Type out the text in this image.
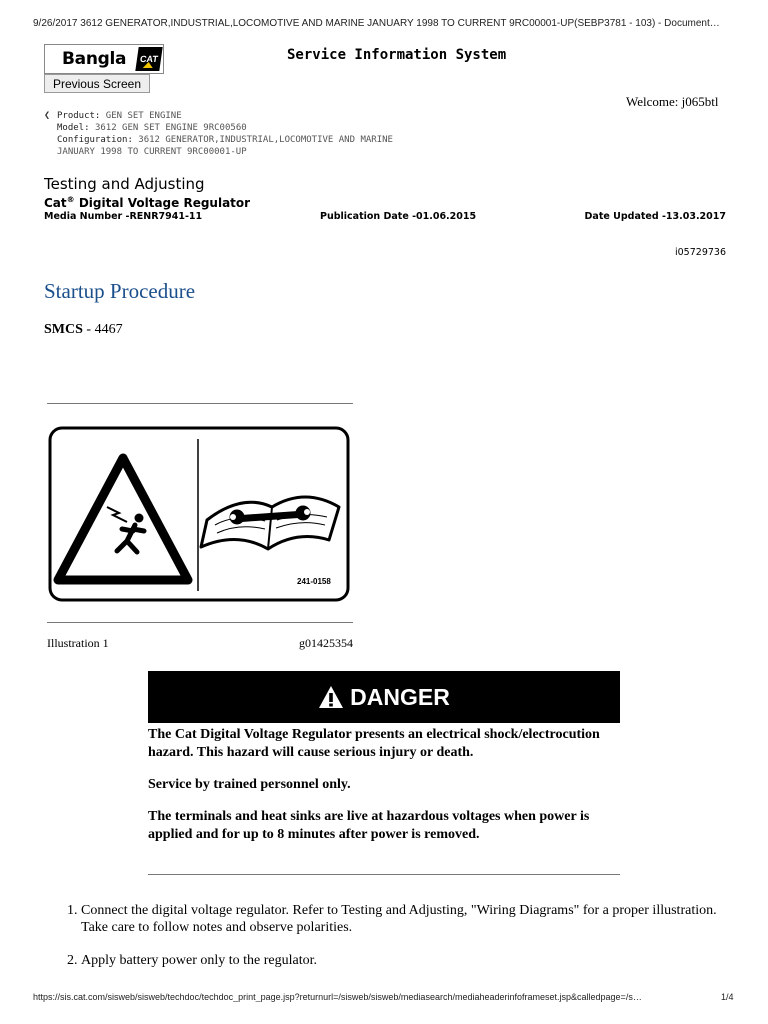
9/26/2017 3612 GENERATOR,INDUSTRIAL,LOCOMOTIVE AND MARINE JANUARY 1998 TO CURRENT 9RC00001-UP(SEBP3781 - 103) - Document…
Bangla	CAT
Previous Screen
Service Information System
Welcome: j065btl
❮ Product: GEN SET ENGINE
Model: 3612 GEN SET ENGINE 9RC00560
Configuration: 3612 GENERATOR,INDUSTRIAL,LOCOMOTIVE AND MARINE
JANUARY 1998 TO CURRENT 9RC00001-UP
Testing and Adjusting
Cat® Digital Voltage Regulator
Media Number -RENR7941-11	Publication Date -01.06.2015	Date Updated -13.03.2017
i05729736
Startup Procedure
SMCS - 4467
241-0158
Illustration 1	g01425354
DANGER

The Cat Digital Voltage Regulator presents an electrical shock/electrocution hazard. This hazard will cause serious injury or death.

Service by trained personnel only.

The terminals and heat sinks are live at hazardous voltages when power is applied and for up to 8 minutes after power is removed.

1. Connect the digital voltage regulator. Refer to Testing and Adjusting, "Wiring Diagrams" for a proper illustration. Take care to follow notes and observe polarities.
2. Apply battery power only to the regulator.
https://sis.cat.com/sisweb/sisweb/techdoc/techdoc_print_page.jsp?returnurl=/sisweb/sisweb/mediasearch/mediaheaderinfoframeset.jsp&calledpage=/s…	1/4
